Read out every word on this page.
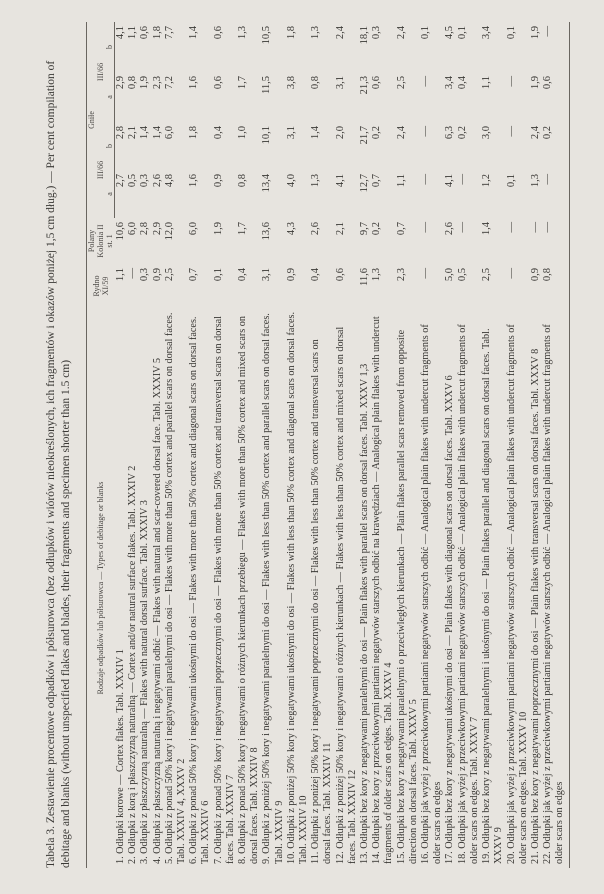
Tabela 3. Zestawienie procentowe odpadków i półsurowca (bez odłupków i wiórów nieokreślonych, ich fragmentów i okazów poniżej 1,5 cm dług.) — Per cent compilation of debitage and blanks (without unspecified flakes and blades, their fragments and specimen shorter than 1.5 cm)	Rodzaje odpadków lub półsurowca — Types of debitage or blanks	Rydno XI/59	Polany Kolonia II st. 1	Gniłe			
			III/66		III/66	
			a	b	a	b
1. Odłupki korowe — Cortex flakes. Tabl. XXXIV 1	1,1	10,6	2,7	2,8	2,9	4,1
2. Odłupki z korą i płaszczyzną naturalną — Cortex and/or natural surface flakes. Tabl. XXXIV 2	—	6,0	0,5	2,1	0,8	1,1
3. Odłupki z płaszczyzną naturalną — Flakes with natural dorsal surface. Tabl. XXXIV 3	0,3	2,8	0,3	1,4	1,9	0,6
4. Odłupki z płaszczyzną naturalną i negatywami odbić — Flakes with natural and scar-covered dorsal face. Tabl. XXXIV 5	0,9	2,9	2,6	1,4	2,3	1,8
5. Odłupki z ponad 50% kory i negatywami paralelnymi do osi — Flakes with more than 50% cortex and parallel scars on dorsal faces. Tabl. XXXIV 4, XXXV 2	2,5	12,0	4,8	6,0	7,2	7,7
6. Odłupki z ponad 50% kory i negatywami ukośnymi do osi — Flakes with more than 50% cortex and diagonal scars on dorsal faces. Tabl. XXXIV 6	0,7	6,0	1,6	1,8	1,6	1,4
7. Odłupki z ponad 50% kory i negatywami poprzecznymi do osi — Flakes with more than 50% cortex and transversal scars on dorsal faces. Tabl. XXXIV 7	0,1	1,9	0,9	0,4	0,6	0,6
8. Odłupki z ponad 50% kory i negatywami o różnych kierunkach przebiegu — Flakes with more than 50% cortex and mixed scars on dorsal faces. Tabl. XXXIV 8	0,4	1,7	0,8	1,0	1,7	1,3
9. Odłupki z poniżej 50% kory i negatywami paralelnymi do osi — Flakes with less than 50% cortex and parallel scars on dorsal faces. Tabl. XXXIV 9	3,1	13,6	13,4	10,1	11,5	10,5
10. Odłupki z poniżej 50% kory i negatywami ukośnymi do osi — Flakes with less than 50% cortex and diagonal scars on dorsal faces. Tabl. XXXIV 10	0,9	4,3	4,0	3,1	3,8	1,8
11. Odłupki z poniżej 50% kory i negatywami poprzecznymi do osi — Flakes with less than 50% cortex and transversal scars on dorsal faces. Tabl. XXXIV 11	0,4	2,6	1,3	1,4	0,8	1,3
12. Odłupki z poniżej 50% kory i negatywami o różnych kierunkach — Flakes with less than 50% cortex and mixed scars on dorsal faces. Tabl. XXXIV 12	0,6	2,1	4,1	2,0	3,1	2,4
13. Odłupki bez kory z negatywami paralelnymi do osi — Plain flakes with parallel scars on dorsal faces. Tabl. XXXV 1,3	11,6	9,7	12,7	21,7	21,3	18,1
14. Odłupki bez kory z przeciwkowymi partiami negatywów starszych odbić na krawędziach — Analogical plain flakes with undercut fragments of older scars on edges. Tabl. XXXV 4	1,3	0,2	0,7	0,2	0,6	0,3
15. Odłupki bez kory z negatywami paralelnymi o przeciwległych kierunkach — Plain flakes parallel scars removed from opposite direction on dorsal faces. Tabl. XXXV 5	2,3	0,7	1,1	2,4	2,5	2,4
16. Odłupki jak wyżej z przeciwkowymi partiami negatywów starszych odbić — Analogical plain flakes with undercut fragments of older scars on edges	—	—	—	—	—	0,1
17. Odłupki bez kory z negatywami ukośnymi do osi — Plain flakes with diagonal scars on dorsal faces. Tabl. XXXV 6	5,0	2,6	4,1	6,3	3,4	4,5
18. Odłupki jak wyżej z przeciwkowymi partiami negatywów starszych odbić — Analogical plain flakes with undercut fragments of older scars on edges. Tabl. XXXV 7	0,5	—	—	0,2	0,4	0,1
19. Odłupki bez kory z negatywami paralelnymi i ukośnymi do osi — Plain flakes parallel and diagonal scars on dorsal faces. Tabl. XXXV 9	2,5	1,4	1,2	3,0	1,1	3,4
20. Odłupki jak wyżej z przeciwkowymi partiami negatywów starszych odbić — Analogical plain flakes with undercut fragments of older scars on edges. Tabl. XXXV 10	—	—	0,1	—	—	0,1
21. Odłupki bez kory z negatywami poprzecznymi do osi — Plain flakes with transversal scars on dorsal faces. Tabl. XXXV 8	0,9	—	1,3	2,4	1,9	1,9
22. Odłupki jak wyżej z przeciwkowymi partiami negatywów starszych odbić — Analogical plain flakes with undercut fragments of older scars on edges	0,8	—	—	0,2	0,6	—
